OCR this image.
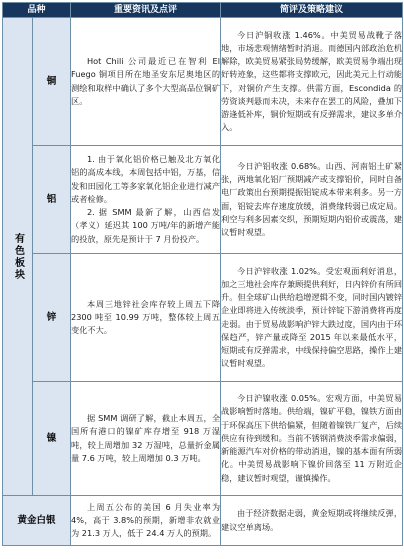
品种		重要资讯及点评	简评及策略建议
有色板块	铜	Hot Chili 公司最近已在智利 El Fuego 铜项目所在地圣安东尼奥地区的测绘和取样中确认了多个大型高品位铜矿区。	今日沪铜收涨 1.46%。中美贸易战靴子落地，市场悲观情绪暂时消退。而德国内部政治危机解除，欧美贸易紧张局势缓解，欧美贸易争端出现好转迹象，这些都将支撑欧元，因此美元上行动能下，对铜价产生支撑。供需方面，Escondida 的劳资谈判悬而未决，未来存在罢工的风险，叠加下游逢低补库，铜价短期或有反弹需求，建议多单介入。

	铝	1. 由于氧化铝价格已触及北方氧化铝的高成本线，本周包括中铝，万基，信发和田园化工等多家氧化铝企业进行减产或者检修。

2. 据 SMM 最新了解，山西信发（孝义）延迟其 100 万吨/年的新增产能的投放，原先是预计于 7 月份投产。	今日沪铝收涨 0.68%。山西、河南铝土矿紧张，两地氧化铝厂预期减产或支撑铝价，同时自备电厂政策出台预期提振铝锭成本带来利多。另一方面，铝锭去库存速度放缓，消费缘转弱已成定局。利空与利多因素交织，预期短期内铝价或震荡，建议暂时观望。

	锌	本周三地锌社会库存较上周五下降 2300 吨至 10.99 万吨，整体较上周五变化不大。	今日沪锌收涨 1.02%。受宏观面利好消息，加之三地社会库存兼顾提供利好，日内锌价有所回升。但全球矿山供给趋增逻辑不变，同时国内镀锌企业即将进入传统淡季，预计锌锭下游消费将再度走弱。由于贸易战影响沪锌大跌过度，国内由于环保趋严，锌产量或降至 2015 年以来最低水平，短期或有反弹需求，中线保持偏空思路，操作上建议暂时观望。

	镍	据 SMM 调研了解，截止本周五，全国所有港口的镍矿库存增至 918 万湿吨，较上周增加 32 万湿吨，总量折金属量 7.6 万吨，较上周增加 0.3 万吨。	今日沪镍收涨 0.05%。宏观方面，中美贸易战影响暂时落地。供给端，镍矿平稳，镍铁方面由于环保高压下供给偏紧，但随着镍铁厂复产，后续供应有待到缓和。当前不锈钢消费淡季需求偏弱，新能源汽车对价格的带动消退，镍的基本面有所弱化。中美贸易战影响下镍价回落至 11 万附近企稳，建议暂时观望，谨慎操作。

黄金白银		上周五公布的美国 6 月失业率为 4%，高于 3.8%的预期，新增非农就业为 21.3 万人，低于 24.4 万人的预期。	由于经济数据走弱，黄金短期或将继续反弹，建议空单离场。
